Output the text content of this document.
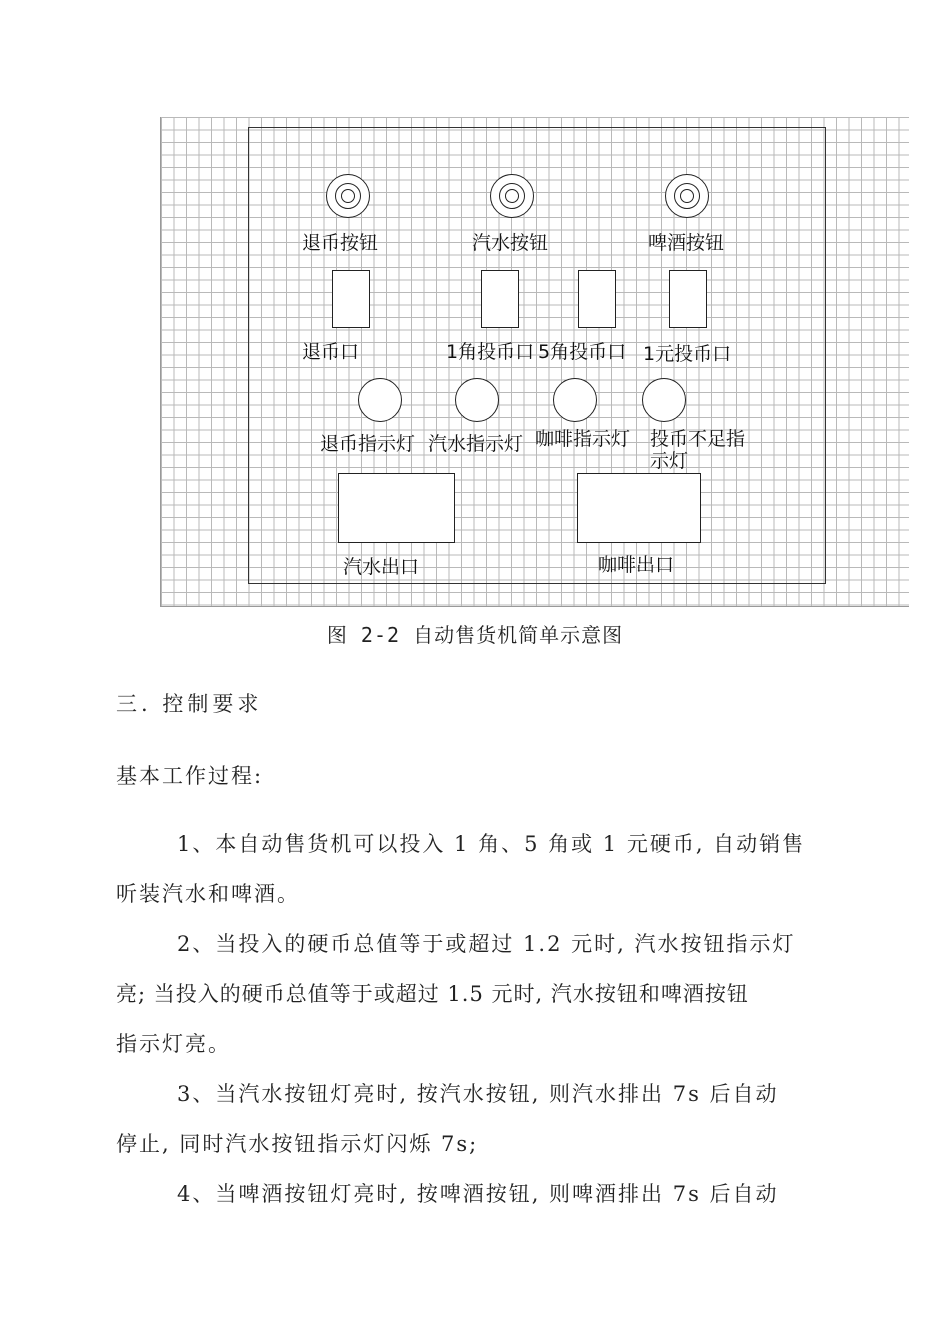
退币按钮	汽水按钮	啤酒按钮
退币口	1角投币口 5角投币口 1元投币口
退币指示灯 汽水指示灯 咖啡指示灯 投币不足指示灯
汽水出口	咖啡出口
图 2-2 自动售货机简单示意图
三. 控制要求
基本工作过程:
1、本自动售货机可以投入 1 角、5 角或 1 元硬币, 自动销售
听装汽水和啤酒。
2、当投入的硬币总值等于或超过 1.2 元时, 汽水按钮指示灯
亮; 当投入的硬币总值等于或超过 1.5 元时, 汽水按钮和啤酒按钮
指示灯亮。
3、当汽水按钮灯亮时, 按汽水按钮, 则汽水排出 7s 后自动
停止, 同时汽水按钮指示灯闪烁 7s;
4、当啤酒按钮灯亮时, 按啤酒按钮, 则啤酒排出 7s 后自动
